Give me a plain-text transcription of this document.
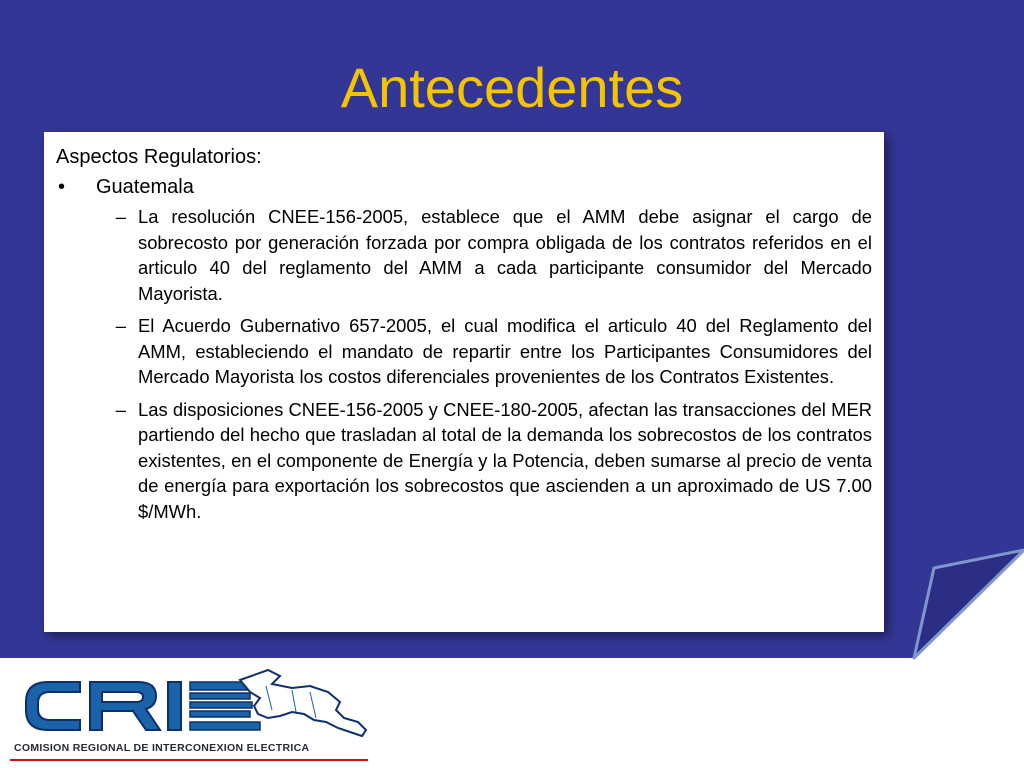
Antecedentes
Aspectos Regulatorios:
•	Guatemala
– La resolución CNEE-156-2005, establece que el AMM debe asignar el cargo de sobrecosto por generación forzada por compra obligada de los contratos referidos en el articulo 40 del reglamento del AMM a cada participante consumidor del Mercado Mayorista.
– El Acuerdo Gubernativo 657-2005, el cual modifica el articulo 40 del Reglamento del AMM, estableciendo el mandato de repartir entre los Participantes Consumidores del Mercado Mayorista los costos diferenciales provenientes de los Contratos Existentes.
– Las disposiciones CNEE-156-2005 y CNEE-180-2005, afectan las transacciones del MER partiendo del hecho que trasladan al total de la demanda los sobrecostos de los contratos existentes, en el componente de Energía y la Potencia, deben sumarse al precio de venta de energía para exportación los sobrecostos que ascienden a un aproximado de US 7.00 $/MWh.
COMISION REGIONAL DE INTERCONEXION ELECTRICA
